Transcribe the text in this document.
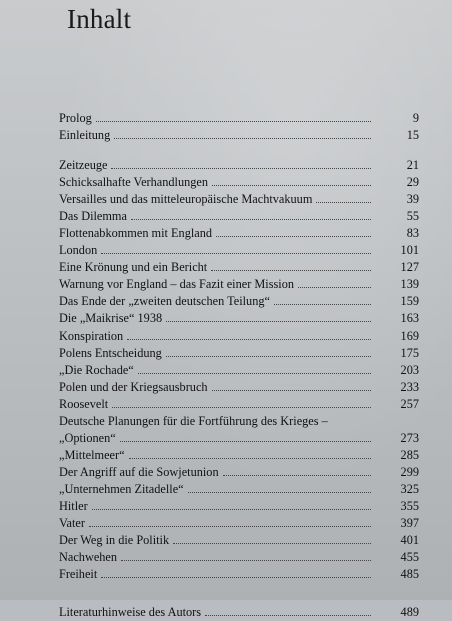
Inhalt
Prolog	9
Einleitung	15
Zeitzeuge	21
Schicksalhafte Verhandlungen	29
Versailles und das mitteleuropäische Machtvakuum	39
Das Dilemma	55
Flottenabkommen mit England	83
London	101
Eine Krönung und ein Bericht	127
Warnung vor England – das Fazit einer Mission	139
Das Ende der „zweiten deutschen Teilung“	159
Die „Maikrise“ 1938	163
Konspiration	169
Polens Entscheidung	175
„Die Rochade“	203
Polen und der Kriegsausbruch	233
Roosevelt	257
Deutsche Planungen für die Fortführung des Krieges –
„Optionen“	273
„Mittelmeer“	285
Der Angriff auf die Sowjetunion	299
„Unternehmen Zitadelle“	325
Hitler	355
Vater	397
Der Weg in die Politik	401
Nachwehen	455
Freiheit	485
Literaturhinweise des Autors	489
